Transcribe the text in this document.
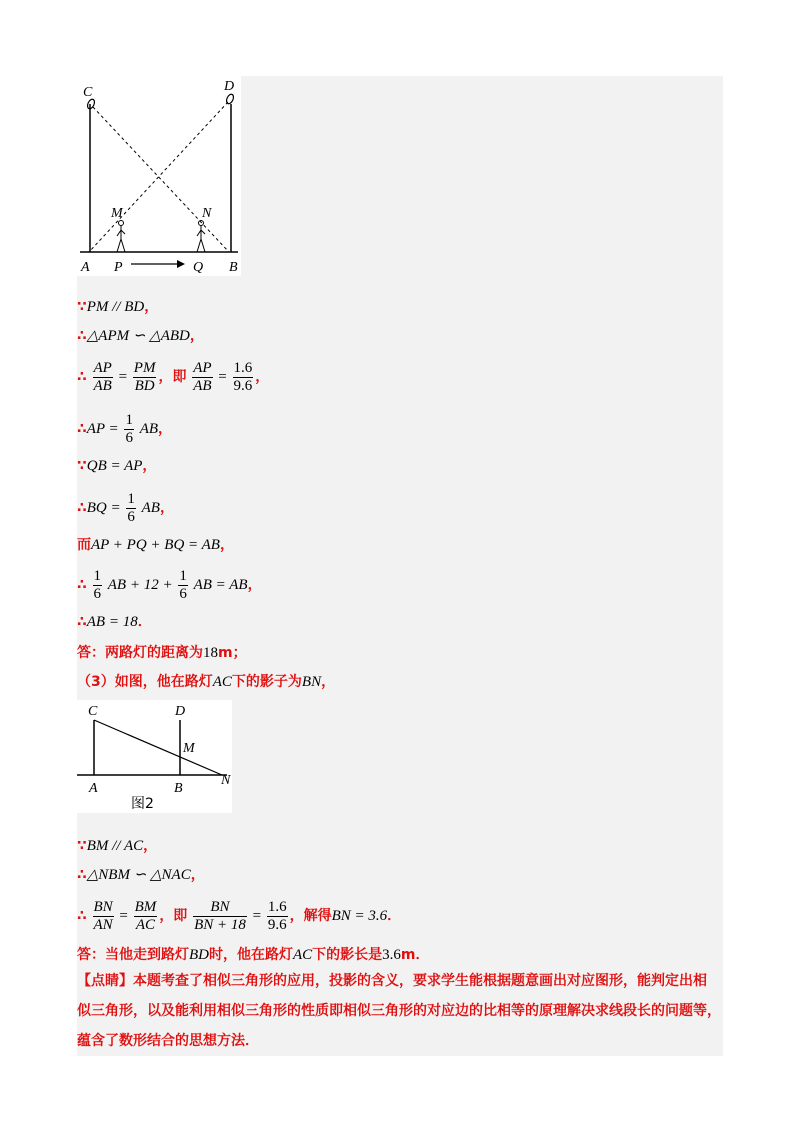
C	D
M	N
A P	Q B
∵PM // BD，
∴△APM ∽ △ABD，
∴ $\frac{AP}{AB} = \frac{PM}{BD}$ ，即 $\frac{AP}{AB} = \frac{1.6}{9.6}$ ，
∴AP = $\frac{1}{6}$ AB，
∵QB = AP，
∴BQ = $\frac{1}{6}$ AB，
而AP + PQ + BQ = AB，
∴ $\frac{1}{6}$ AB + $12 + \frac{1}{6}$ AB = AB，
∴AB = 18．
答：两路灯的距离为18m；
（3）如图，他在路灯AC下的影子为BN，
C	D
M
A	B
N
图2
∵BM // AC，
∴△NBM ∽ △NAC，
∴ $\frac{BN}{AN} = \frac{BM}{AC}$ ，即 $\frac{BN}{BN + 18} = \frac{1.6}{9.6}$ ，解得BN = 3.6．
答：当他走到路灯BD时，他在路灯AC下的影长是3.6m．
【点睛】本题考查了相似三角形的应用，投影的含义，要求学生能根据题意画出对应图形，能判定出相
似三角形，以及能利用相似三角形的性质即相似三角形的对应边的比相等的原理解决求线段长的问题等，
蕴含了数形结合的思想方法．
